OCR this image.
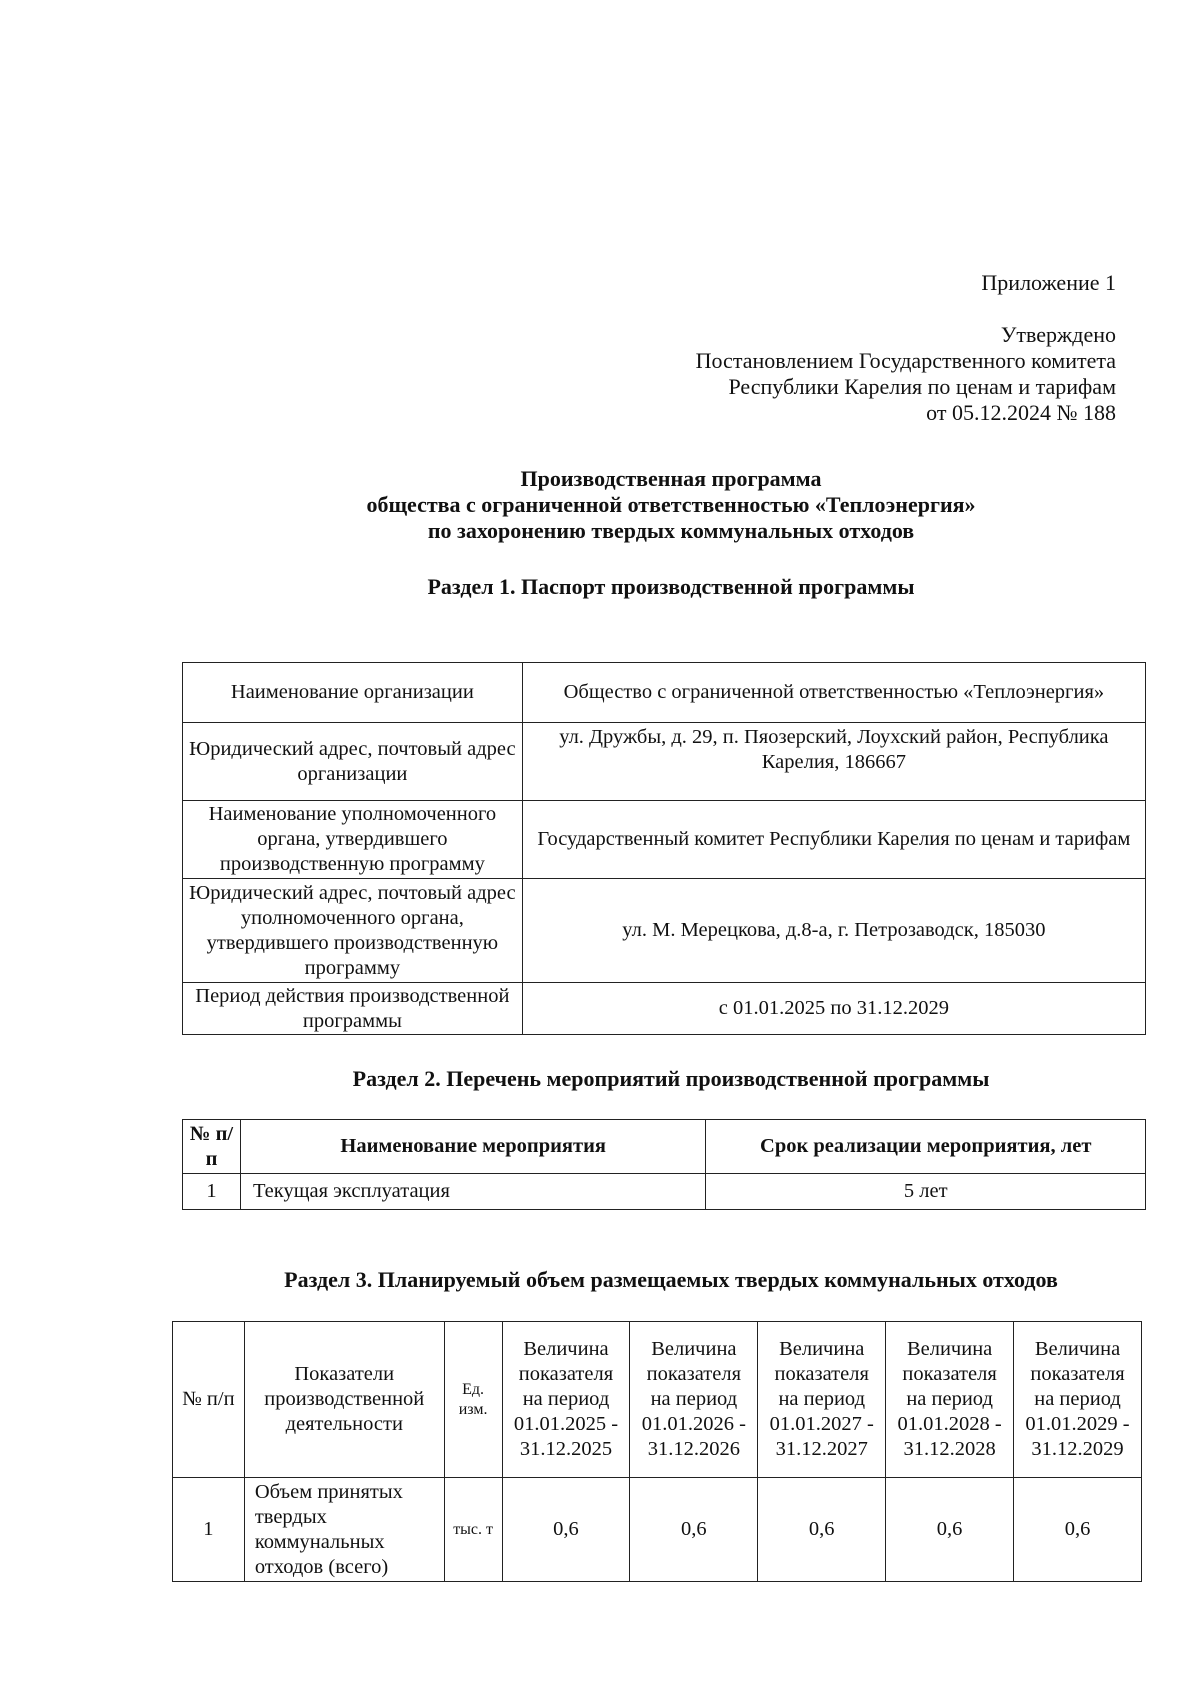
Приложение 1
Утверждено
Постановлением Государственного комитета
Республики Карелия по ценам и тарифам
от 05.12.2024 № 188
Производственная программа
общества с ограниченной ответственностью «Теплоэнергия»
по захоронению твердых коммунальных отходов
Раздел 1. Паспорт производственной программы
Наименование организации	Общество с ограниченной ответственностью «Теплоэнергия»
Юридический адрес, почтовый адрес организации	ул. Дружбы, д. 29, п. Пяозерский, Лоухский район, Республика Карелия, 186667
Наименование уполномоченного органа, утвердившего производственную программу	Государственный комитет Республики Карелия по ценам и тарифам
Юридический адрес, почтовый адрес уполномоченного органа, утвердившего производственную программу	ул. М. Мерецкова, д.8-а, г. Петрозаводск, 185030
Период действия производственной программы	с 01.01.2025 по 31.12.2029
Раздел 2. Перечень мероприятий производственной программы
№ п/п	Наименование мероприятия	Срок реализации мероприятия, лет
1	Текущая эксплуатация	5 лет
Раздел 3. Планируемый объем размещаемых твердых коммунальных отходов
№ п/п	Показатели производственной деятельности	Ед. изм.	Величина показателя на период 01.01.2025 - 31.12.2025	Величина показателя на период 01.01.2026 - 31.12.2026	Величина показателя на период 01.01.2027 - 31.12.2027	Величина показателя на период 01.01.2028 - 31.12.2028	Величина показателя на период 01.01.2029 - 31.12.2029
1	Объем принятых твердых коммунальных отходов (всего)	тыс. т	0,6	0,6	0,6	0,6	0,6
